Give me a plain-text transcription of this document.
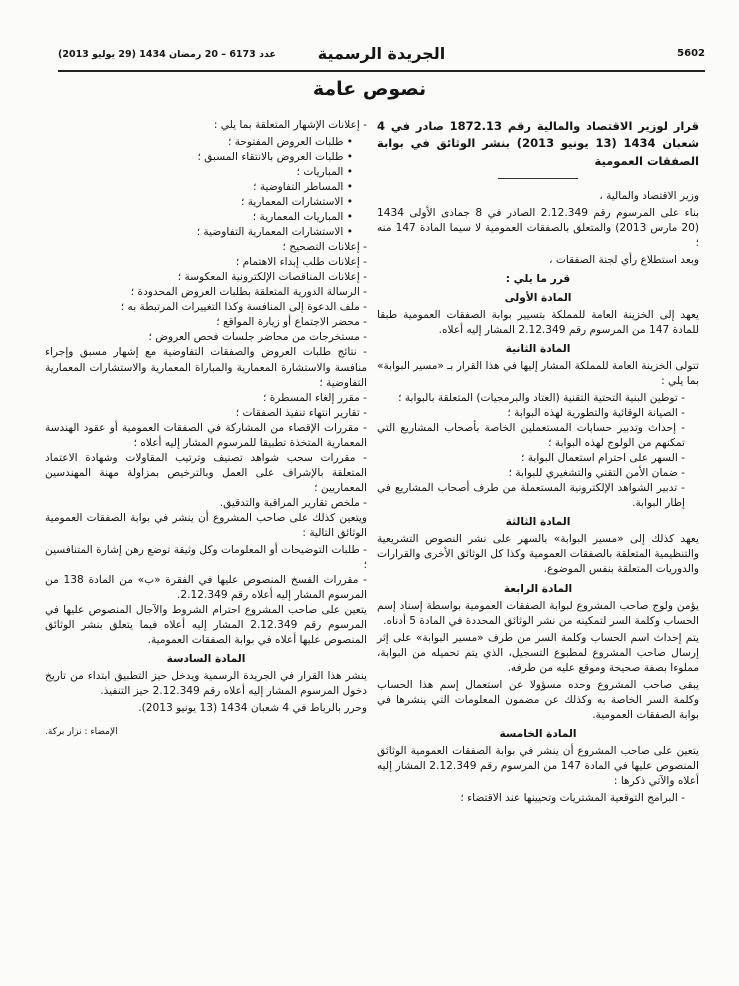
5602
الجريدة الرسمية
عدد 6173 – 20 رمضان 1434 (29 يوليو 2013)
نصوص عامة

قرار لوزير الاقتصاد والمالية رقم 1872.13 صادر في 4 شعبان 1434 (13 يونيو 2013) بنشر الوثائق في بوابة الصفقات العمومية

وزير الاقتصاد والمالية ،

بناء على المرسوم رقم 2.12.349 الصادر في 8 جمادى الأولى 1434 (20 مارس 2013) والمتعلق بالصفقات العمومية لا سيما المادة 147 منه ؛

وبعد استطلاع رأي لجنة الصفقات ،

قرر ما يلي :

المادة الأولى

يعهد إلى الخزينة العامة للمملكة بتسيير بوابة الصفقات العمومية طبقا للمادة 147 من المرسوم رقم 2.12.349 المشار إليه أعلاه.

المادة الثانية

تتولى الخزينة العامة للمملكة المشار إليها في هذا القرار بـ «مسير البوابة» بما يلي :

- توطين البنية التحتية التقنية (العتاد والبرمجيات) المتعلقة بالبوابة ؛
- الصيانة الوقائية والتطورية لهذه البوابة ؛
- إحداث وتدبير حسابات المستعملين الخاصة بأصحاب المشاريع التي تمكنهم من الولوج لهذه البوابة ؛
- السهر على احترام استعمال البوابة ؛
- ضمان الأمن التقني والتشغيري للبوابة ؛
- تدبير الشواهد الإلكترونية المستعملة من طرف أصحاب المشاريع في إطار البوابة.

المادة الثالثة

يعهد كذلك إلى «مسير البوابة» بالسهر على نشر النصوص التشريعية والتنظيمية المتعلقة بالصفقات العمومية وكذا كل الوثائق الأخرى والقرارات والدوريات المتعلقة بنفس الموضوع.

المادة الرابعة

يؤمن ولوج صاحب المشروع لبوابة الصفقات العمومية بواسطة إسناد إسم الحساب وكلمة السر لتمكينه من نشر الوثائق المحددة في المادة 5 أدناه.

يتم إحداث اسم الحساب وكلمة السر من طرف «مسير البوابة» على إثر إرسال صاحب المشروع لمطبوع التسجيل، الذي يتم تحميله من البوابة، مملوءا بصفة صحيحة وموقع عليه من طرفه.

يبقى صاحب المشروع وحده مسؤولا عن استعمال إسم هذا الحساب وكلمة السر الخاصة به وكذلك عن مضمون المعلومات التي ينشرها في بوابة الصفقات العمومية.

المادة الخامسة

يتعين على صاحب المشروع أن ينشر في بوابة الصفقات العمومية الوثائق المنصوص عليها في المادة 147 من المرسوم رقم 2.12.349 المشار إليه أعلاه والآتي ذكرها :

- البرامج التوقعية المشتريات وتحيينها عند الاقتضاء ؛

- إعلانات الإشهار المتعلقة بما يلي :

• طلبات العروض المفتوحة ؛
• طلبات العروض بالانتقاء المسبق ؛
• المباريات ؛
• المساطر التفاوضية ؛
• الاستشارات المعمارية ؛
• المباريات المعمارية ؛
• الاستشارات المعمارية التفاوضية ؛
- إعلانات التصحيح ؛
- إعلانات طلب إبداء الاهتمام ؛
- إعلانات المناقصات الإلكترونية المعكوسة ؛
- الرسالة الدورية المتعلقة بطلبات العروض المحدودة ؛
- ملف الدعوة إلى المنافسة وكذا التغييرات المرتبطة به ؛
- محضر الاجتماع أو زيارة المواقع ؛
- مستخرجات من محاضر جلسات فحص العروض ؛
- نتائج طلبات العروض والصفقات التفاوضية مع إشهار مسبق وإجراء منافسة والاستشارة المعمارية والمباراة المعمارية والاستشارات المعمارية التفاوضية ؛
- مقرر إلغاء المسطرة ؛
- تقارير انتهاء تنفيذ الصفقات ؛
- مقررات الإقصاء من المشاركة في الصفقات العمومية أو عقود الهندسة المعمارية المتخذة تطبيقا للمرسوم المشار إليه أعلاه ؛
- مقررات سحب شواهد تصنيف وترتيب المقاولات وشهادة الاعتماد المتعلقة بالإشراف على العمل وبالترخيص بمزاولة مهنة المهندسين المعماريين ؛
- ملخص تقارير المراقبة والتدقيق.

ويتعين كذلك على صاحب المشروع أن ينشر في بوابة الصفقات العمومية الوثائق التالية :

- طلبات التوضيحات أو المعلومات وكل وثيقة توضع رهن إشارة المتنافسين ؛
- مقررات الفسخ المنصوص عليها في الفقرة «ب» من المادة 138 من المرسوم المشار إليه أعلاه رقم 2.12.349.

يتعين على صاحب المشروع احترام الشروط والآجال المنصوص عليها في المرسوم رقم 2.12.349 المشار إليه أعلاه فيما يتعلق بنشر الوثائق المنصوص عليها أعلاه في بوابة الصفقات العمومية.

المادة السادسة

ينشر هذا القرار في الجريدة الرسمية ويدخل حيز التطبيق ابتداء من تاريخ دخول المرسوم المشار إليه أعلاه رقم 2.12.349 حيز التنفيذ.

وحرر بالرباط في 4 شعبان 1434 (13 يونيو 2013).

الإمضاء : نزار بركة.
